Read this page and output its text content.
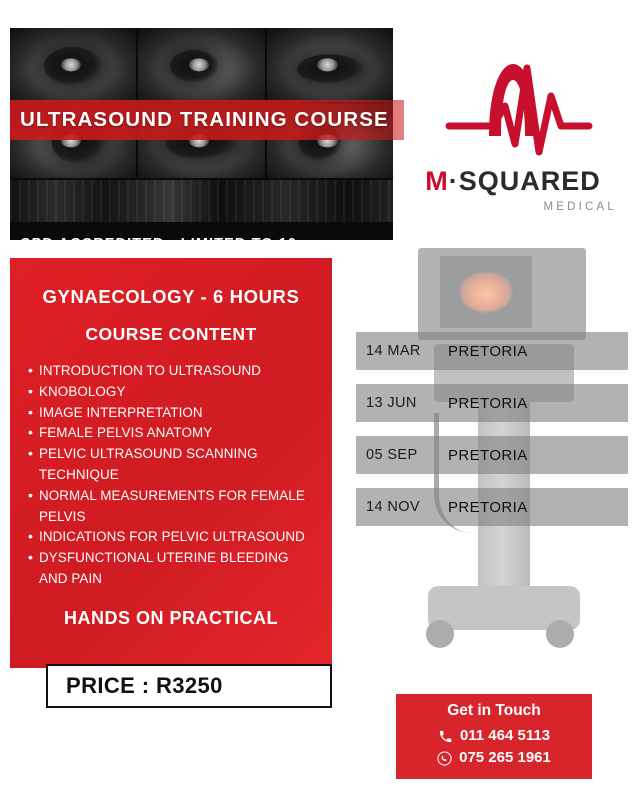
ULTRASOUND TRAINING COURSE
CPD ACCREDITED - LIMITED TO 10
M·SQUARED
MEDICAL
GYNAECOLOGY - 6 HOURS
COURSE CONTENT
• INTRODUCTION TO ULTRASOUND
• KNOBOLOGY
• IMAGE INTERPRETATION
• FEMALE PELVIS ANATOMY
• PELVIC ULTRASOUND SCANNING TECHNIQUE
• NORMAL MEASUREMENTS FOR FEMALE PELVIS
• INDICATIONS FOR PELVIC ULTRASOUND
• DYSFUNCTIONAL UTERINE BLEEDING AND PAIN
HANDS ON PRACTICAL
PRICE : R3250
14 MAR	PRETORIA
13 JUN	PRETORIA
05 SEP	PRETORIA
14 NOV	PRETORIA
Get in Touch
011 464 5113
075 265 1961
